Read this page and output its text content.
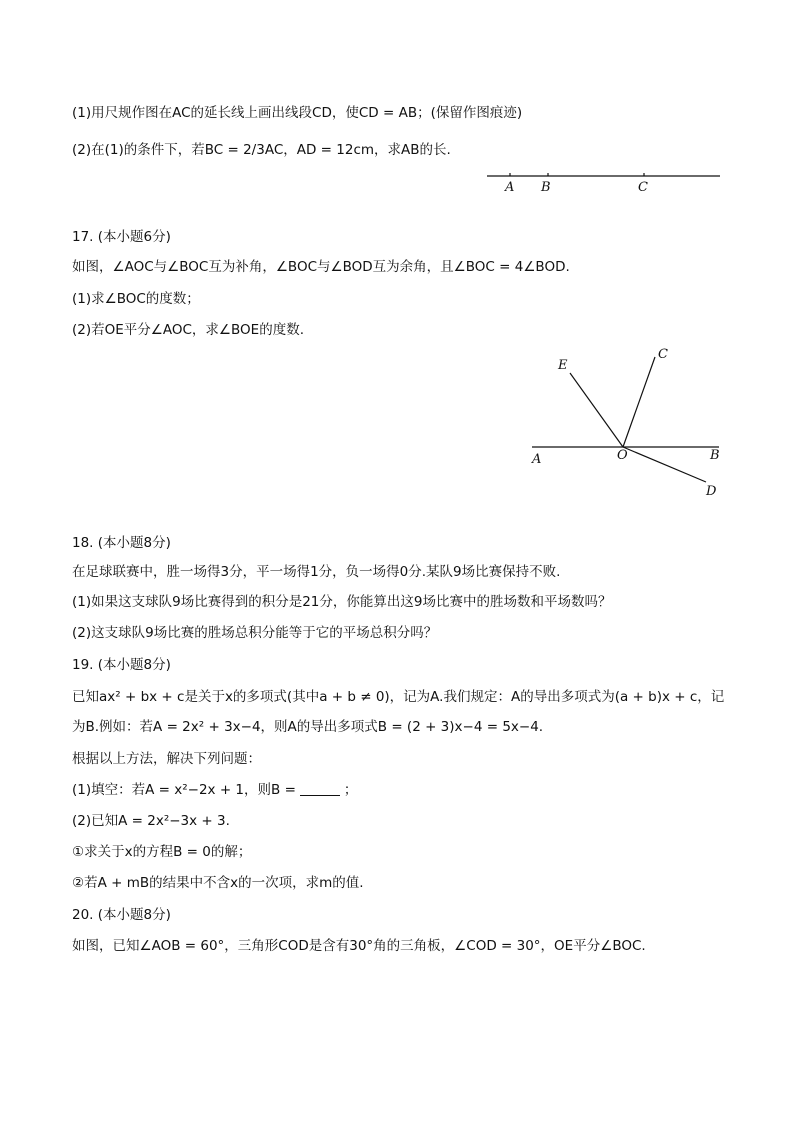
(1)用尺规作图在AC的延长线上画出线段CD，使CD = AB；(保留作图痕迹)
(2)在(1)的条件下，若BC = 2/3AC，AD = 12cm，求AB的长.
A B	C
17. (本小题6分)
如图，∠AOC与∠BOC互为补角，∠BOC与∠BOD互为余角，且∠BOC = 4∠BOD.
(1)求∠BOC的度数；
(2)若OE平分∠AOC，求∠BOE的度数.
E
C
A	O	B
D
18. (本小题8分)
在足球联赛中，胜一场得3分，平一场得1分，负一场得0分.某队9场比赛保持不败.
(1)如果这支球队9场比赛得到的积分是21分，你能算出这9场比赛中的胜场数和平场数吗？
(2)这支球队9场比赛的胜场总积分能等于它的平场总积分吗？
19. (本小题8分)
已知ax² + bx + c是关于x的多项式(其中a + b ≠ 0)，记为A.我们规定：A的导出多项式为(a + b)x + c，记
为B.例如：若A = 2x² + 3x−4，则A的导出多项式B = (2 + 3)x−4 = 5x−4.
根据以上方法，解决下列问题：
(1)填空：若A = x²−2x + 1，则B =	；
(2)已知A = 2x²−3x + 3.
①求关于x的方程B = 0的解；
②若A + mB的结果中不含x的一次项，求m的值.
20. (本小题8分)
如图，已知∠AOB = 60°，三角形COD是含有30°角的三角板，∠COD = 30°，OE平分∠BOC.
